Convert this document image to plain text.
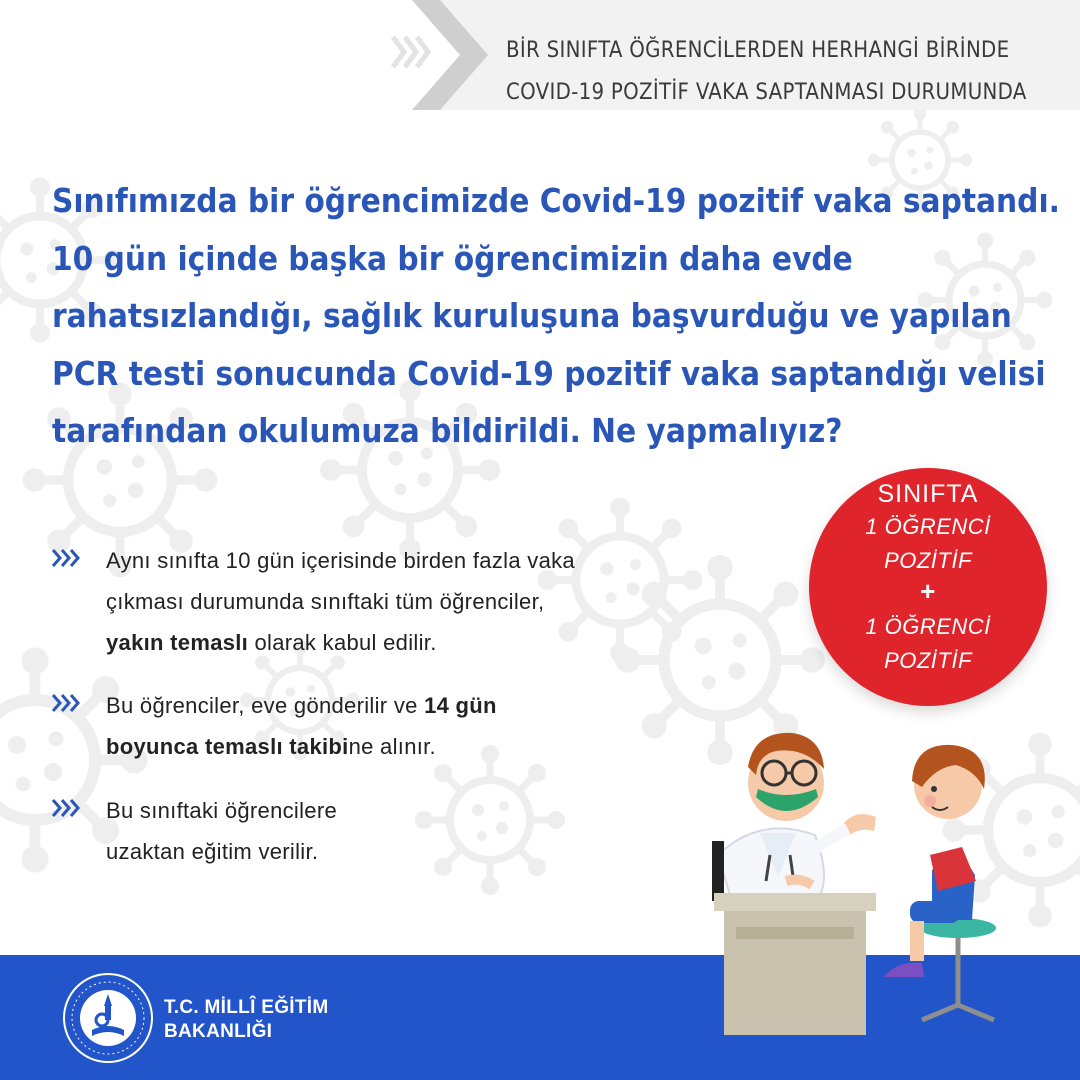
BİR SINIFTA ÖĞRENCİLERDEN HERHANGİ BİRİNDE
COVID-19 POZİTİF VAKA SAPTANMASI DURUMUNDA
Sınıfımızda bir öğrencimizde Covid-19 pozitif vaka saptandı.
10 gün içinde başka bir öğrencimizin daha evde
rahatsızlandığı, sağlık kuruluşuna başvurduğu ve yapılan
PCR testi sonucunda Covid-19 pozitif vaka saptandığı velisi
tarafından okulumuza bildirildi. Ne yapmalıyız?
SINIFTA
1 ÖĞRENCİ
POZİTİF
+
1 ÖĞRENCİ
POZİTİF
Aynı sınıfta 10 gün içerisinde birden fazla vaka
çıkması durumunda sınıftaki tüm öğrenciler,
yakın temaslı olarak kabul edilir.
Bu öğrenciler, eve gönderilir ve 14 gün
boyunca temaslı takibine alınır.
Bu sınıftaki öğrencilere
uzaktan eğitim verilir.
T.C. MİLLÎ EĞİTİM
BAKANLIĞI
